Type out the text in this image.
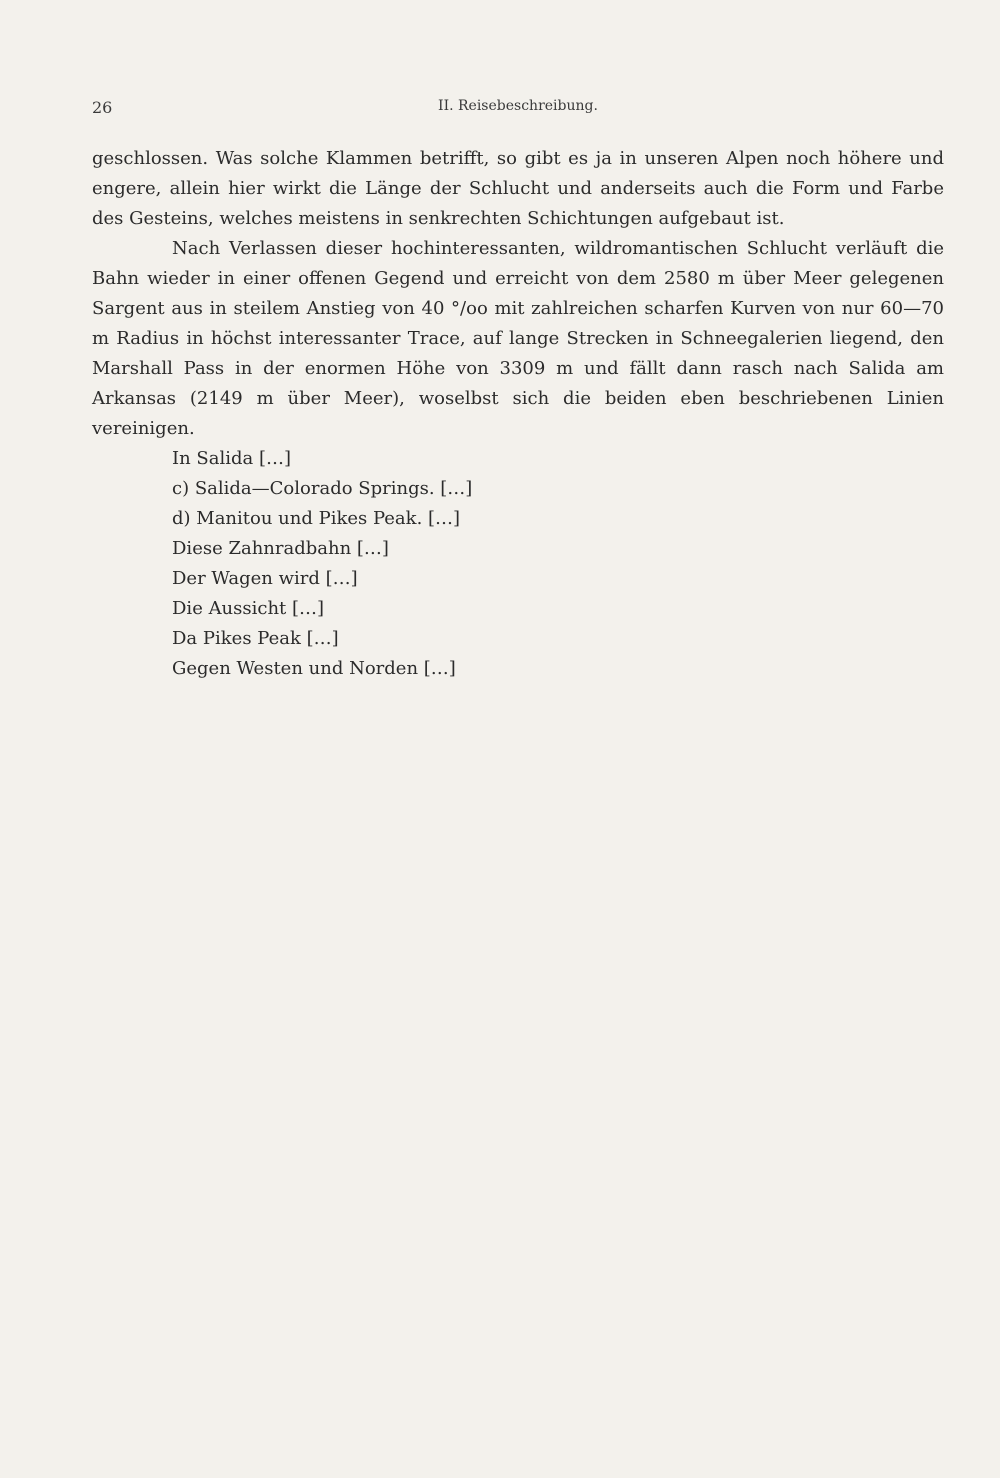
26	II. Reisebeschreibung.

geschlossen. Was solche Klammen betrifft, so gibt es ja in unseren Alpen noch höhere und engere, allein hier wirkt die Länge der Schlucht und anderseits auch die Form und Farbe des Gesteins, welches meistens in senkrechten Schichtungen aufgebaut ist.

Nach Verlassen dieser hochinteressanten, wildromantischen Schlucht verläuft die Bahn wieder in einer offenen Gegend und erreicht von dem 2580 m über Meer gelegenen Sargent aus in steilem Anstieg von 40 °/oo mit zahlreichen scharfen Kurven von nur 60—70 m Radius in höchst interessanter Trace, auf lange Strecken in Schneegalerien liegend, den Marshall Pass in der enormen Höhe von 3309 m und fällt dann rasch nach Salida am Arkansas (2149 m über Meer), woselbst sich die beiden eben beschriebenen Linien vereinigen.

In Salida […]

c) Salida—Colorado Springs. […]

d) Manitou und Pikes Peak. […]

Diese Zahnradbahn […]

Der Wagen wird […]

Die Aussicht […]

Da Pikes Peak […]

Gegen Westen und Norden […]
